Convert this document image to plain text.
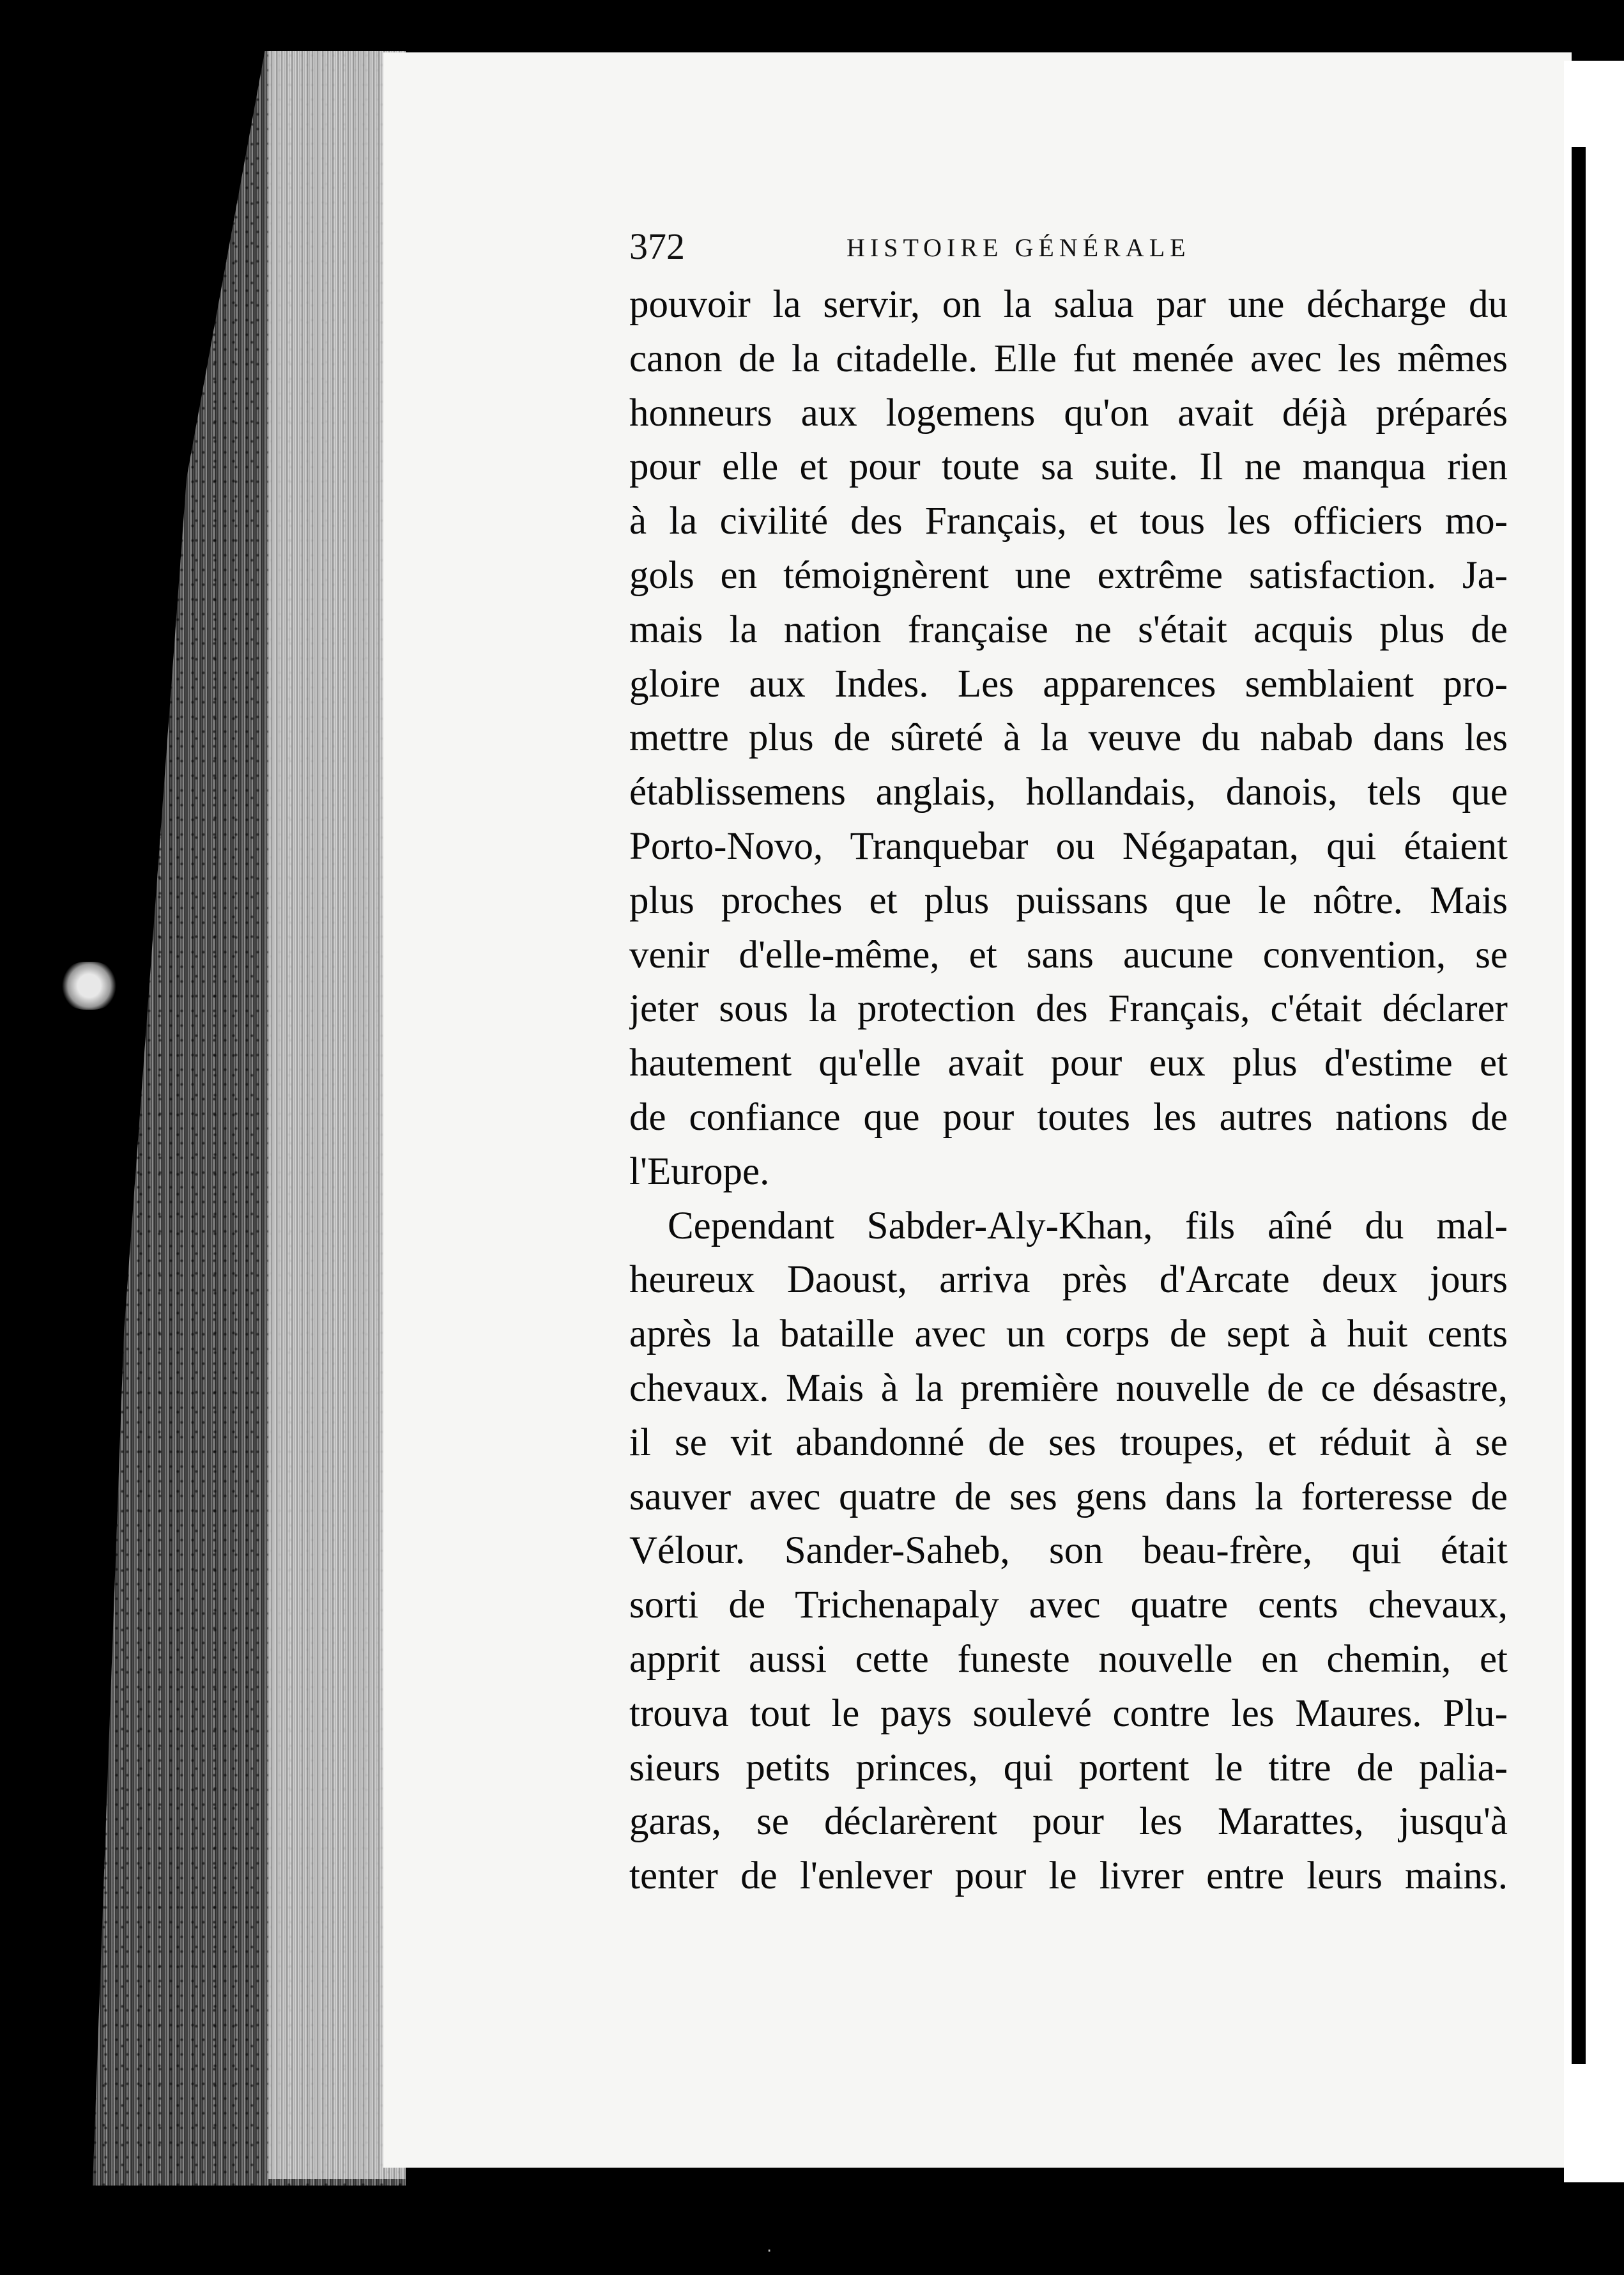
372	HISTOIRE GÉNÉRALE
pouvoir la servir, on la salua par une décharge du
canon de la citadelle. Elle fut menée avec les mêmes
honneurs aux logemens qu'on avait déjà préparés
pour elle et pour toute sa suite. Il ne manqua rien
à la civilité des Français, et tous les officiers mo-
gols en témoignèrent une extrême satisfaction. Ja-
mais la nation française ne s'était acquis plus de
gloire aux Indes. Les apparences semblaient pro-
mettre plus de sûreté à la veuve du nabab dans les
établissemens anglais, hollandais, danois, tels que
Porto-Novo, Tranquebar ou Négapatan, qui étaient
plus proches et plus puissans que le nôtre. Mais
venir d'elle-même, et sans aucune convention, se
jeter sous la protection des Français, c'était déclarer
hautement qu'elle avait pour eux plus d'estime et
de confiance que pour toutes les autres nations de
l'Europe.
Cependant Sabder-Aly-Khan, fils aîné du mal-
heureux Daoust, arriva près d'Arcate deux jours
après la bataille avec un corps de sept à huit cents
chevaux. Mais à la première nouvelle de ce désastre,
il se vit abandonné de ses troupes, et réduit à se
sauver avec quatre de ses gens dans la forteresse de
Vélour. Sander-Saheb, son beau-frère, qui était
sorti de Trichenapaly avec quatre cents chevaux,
apprit aussi cette funeste nouvelle en chemin, et
trouva tout le pays soulevé contre les Maures. Plu-
sieurs petits princes, qui portent le titre de palia-
garas, se déclarèrent pour les Marattes, jusqu'à
tenter de l'enlever pour le livrer entre leurs mains.
·
